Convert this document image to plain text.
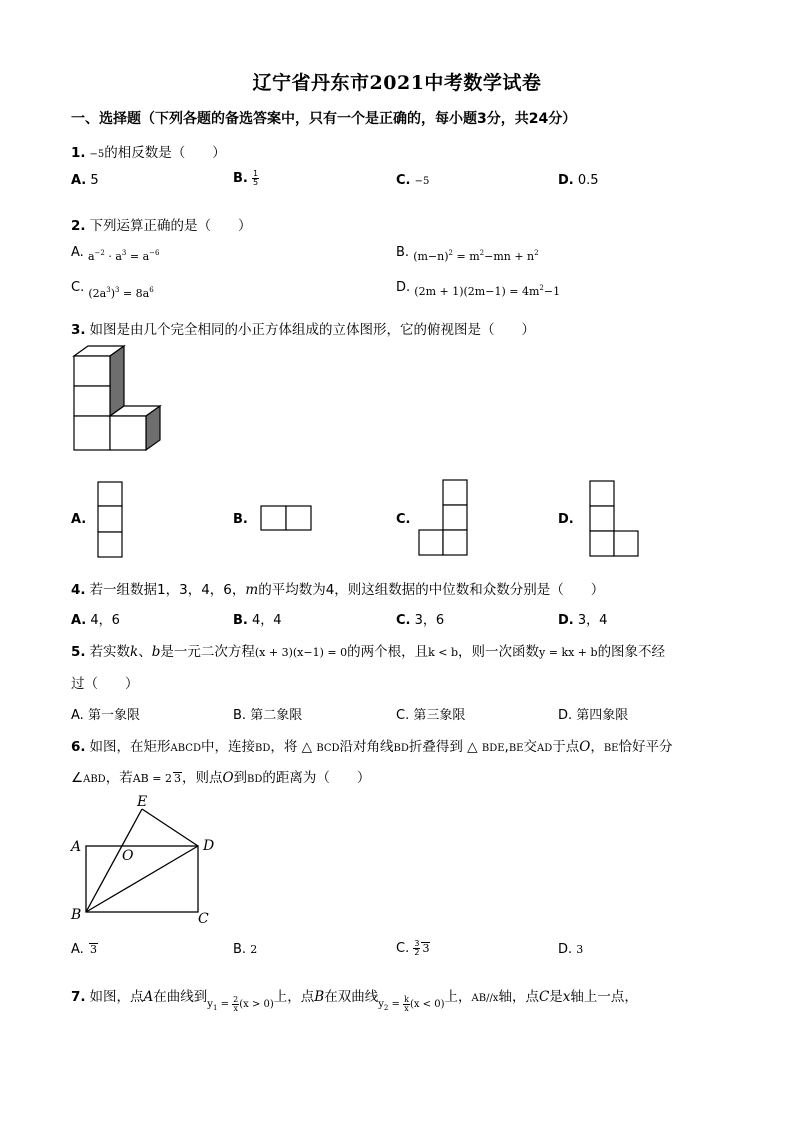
辽宁省丹东市2021中考数学试卷
一、选择题（下列各题的备选答案中，只有一个是正确的，每小题3分，共24分）
1. −5的相反数是（　　）
A. 5	B. $\frac{1}{5}$	C. −5	D. 0.5
2. 下列运算正确的是（　　）
A. $_{a^{-2} \cdot a^3 = a^{-6}}$	B. $_{(m-n)^2 = m^2-mn + n^2}$
C. $_{(2a^3)^3 = 8a^6}$	D. $_{(2m + 1)(2m-1) = 4m^2-1}$
3. 如图是由几个完全相同的小正方体组成的立体图形，它的俯视图是（　　）
A.	B.	C.	D.
4. 若一组数据1，3，4，6，m的平均数为4，则这组数据的中位数和众数分别是（　　）
A. 4，6	B. 4，4	C. 3，6	D. 3，4
5. 若实数k、b是一元二次方程(x + 3)(x−1) = 0的两个根，且k < b，则一次函数y = kx + b的图象不经
过（　　）
A. 第一象限	B. 第二象限	C. 第三象限	D. 第四象限
6. 如图，在矩形ABCD中，连接BD，将 △ BCD沿对角线BD折叠得到 △ BDE,BE交AD于点O，BE恰好平分
∠ABD，若AB = 2 3，则点O到BD的距离为（　　）
E
A
O
D
B	C
A. 3	B. 2	C. $\frac{3}{2} 3$	D. 3
7. 如图，点A在曲线到$_{y_1 = \frac{2}{x} (x > 0)}$上，点B在双曲线$_{y_2 = \frac{k}{x} (x < 0)}$上，AB//x轴，点C是x轴上一点，
